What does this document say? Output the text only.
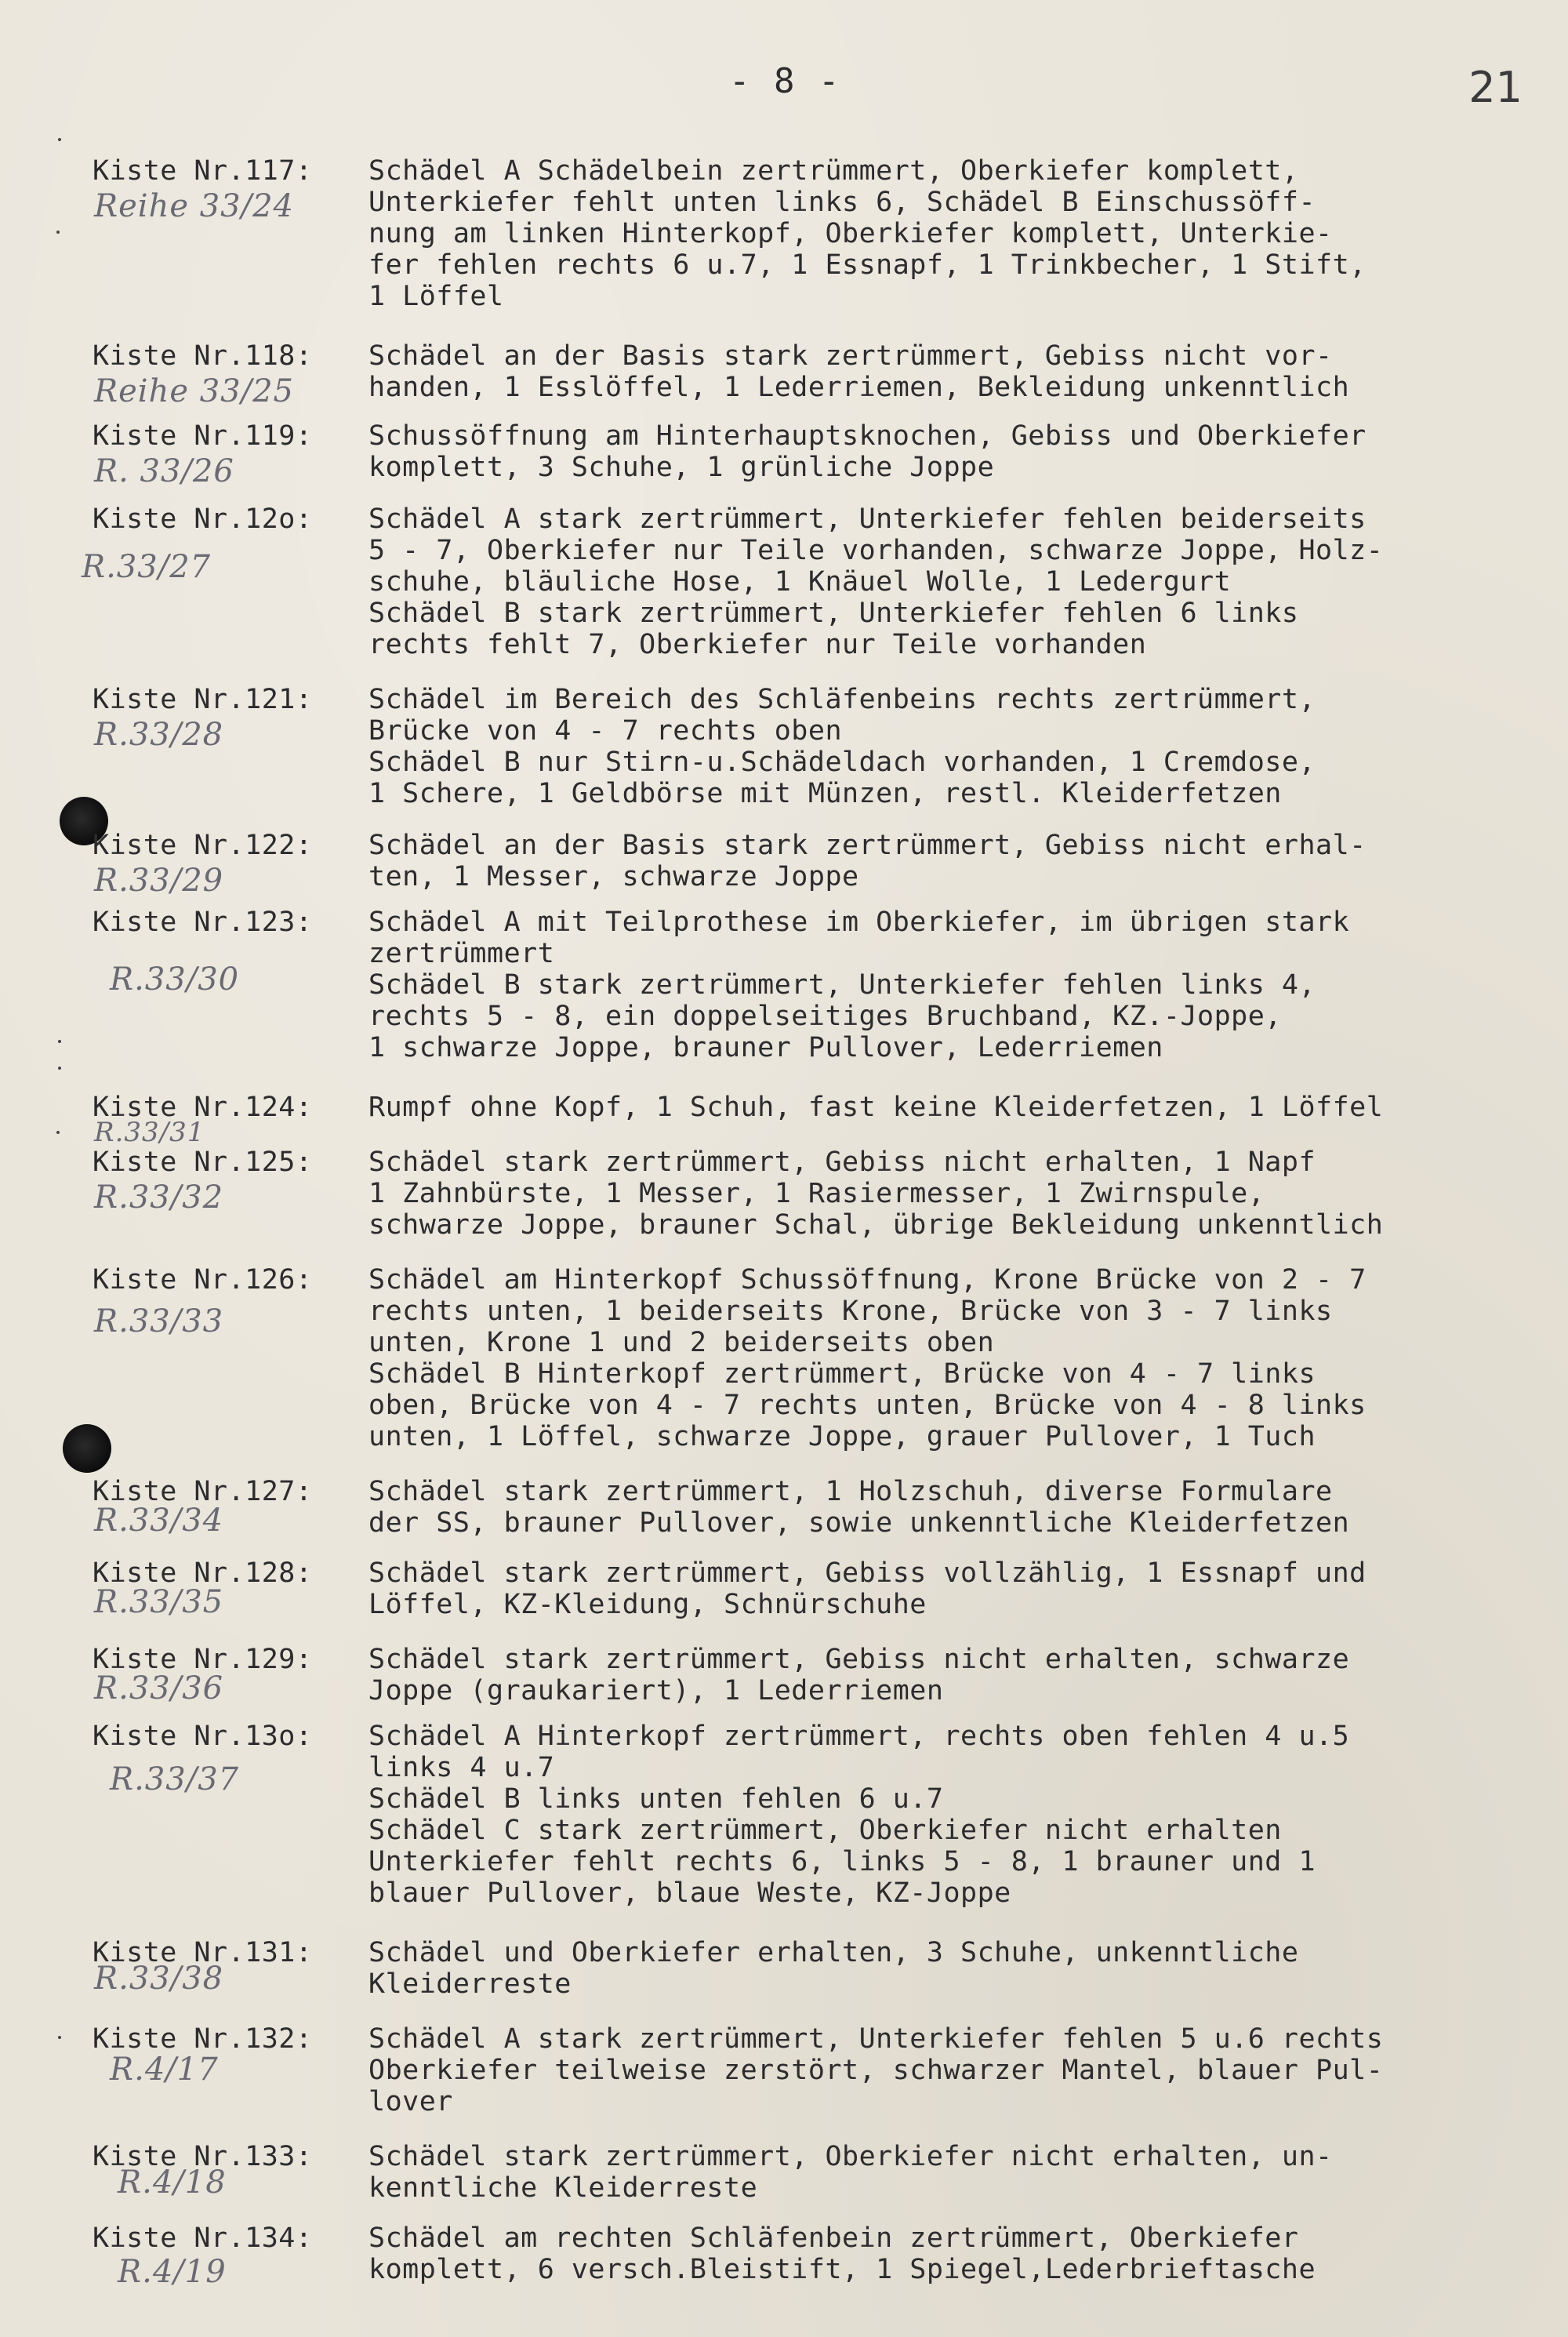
- 8 -	21
Kiste Nr.117:
Reihe 33/24
Schädel A Schädelbein zertrümmert, Oberkiefer komplett,
Unterkiefer fehlt unten links 6, Schädel B Einschussöff-
nung am linken Hinterkopf, Oberkiefer komplett, Unterkie-
fer fehlen rechts 6 u.7, 1 Essnapf, 1 Trinkbecher, 1 Stift,
1 Löffel
Kiste Nr.118:
Reihe 33/25
Schädel an der Basis stark zertrümmert, Gebiss nicht vor-
handen, 1 Esslöffel, 1 Lederriemen, Bekleidung unkenntlich
Kiste Nr.119:
R. 33/26
Schussöffnung am Hinterhauptsknochen, Gebiss und Oberkiefer
komplett, 3 Schuhe, 1 grünliche Joppe
Kiste Nr.12o:
R.33/27
Schädel A stark zertrümmert, Unterkiefer fehlen beiderseits
5 - 7, Oberkiefer nur Teile vorhanden, schwarze Joppe, Holz-
schuhe, bläuliche Hose, 1 Knäuel Wolle, 1 Ledergurt
Schädel B stark zertrümmert, Unterkiefer fehlen 6 links
rechts fehlt 7, Oberkiefer nur Teile vorhanden
Kiste Nr.121:
R.33/28
Schädel im Bereich des Schläfenbeins rechts zertrümmert,
Brücke von 4 - 7 rechts oben
Schädel B nur Stirn-u.Schädeldach vorhanden, 1 Cremdose,
1 Schere, 1 Geldbörse mit Münzen, restl. Kleiderfetzen
Kiste Nr.122:
R.33/29
Schädel an der Basis stark zertrümmert, Gebiss nicht erhal-
ten, 1 Messer, schwarze Joppe
Kiste Nr.123:
R.33/30
Schädel A mit Teilprothese im Oberkiefer, im übrigen stark
zertrümmert
Schädel B stark zertrümmert, Unterkiefer fehlen links 4,
rechts 5 - 8, ein doppelseitiges Bruchband, KZ.-Joppe,
1 schwarze Joppe, brauner Pullover, Lederriemen
Kiste Nr.124:
R.33/31
Rumpf ohne Kopf, 1 Schuh, fast keine Kleiderfetzen, 1 Löffel
Kiste Nr.125:
R.33/32
Schädel stark zertrümmert, Gebiss nicht erhalten, 1 Napf
1 Zahnbürste, 1 Messer, 1 Rasiermesser, 1 Zwirnspule,
schwarze Joppe, brauner Schal, übrige Bekleidung unkenntlich
Kiste Nr.126:
R.33/33
Schädel am Hinterkopf Schussöffnung, Krone Brücke von 2 - 7
rechts unten, 1 beiderseits Krone, Brücke von 3 - 7 links
unten, Krone 1 und 2 beiderseits oben
Schädel B Hinterkopf zertrümmert, Brücke von 4 - 7 links
oben, Brücke von 4 - 7 rechts unten, Brücke von 4 - 8 links
unten, 1 Löffel, schwarze Joppe, grauer Pullover, 1 Tuch
Kiste Nr.127:
R.33/34
Schädel stark zertrümmert, 1 Holzschuh, diverse Formulare
der SS, brauner Pullover, sowie unkenntliche Kleiderfetzen
Kiste Nr.128:
R.33/35
Schädel stark zertrümmert, Gebiss vollzählig, 1 Essnapf und
Löffel, KZ-Kleidung, Schnürschuhe
Kiste Nr.129:
R.33/36
Schädel stark zertrümmert, Gebiss nicht erhalten, schwarze
Joppe (graukariert), 1 Lederriemen
Kiste Nr.13o:
R.33/37
Schädel A Hinterkopf zertrümmert, rechts oben fehlen 4 u.5
links 4 u.7
Schädel B links unten fehlen 6 u.7
Schädel C stark zertrümmert, Oberkiefer nicht erhalten
Unterkiefer fehlt rechts 6, links 5 - 8, 1 brauner und 1
blauer Pullover, blaue Weste, KZ-Joppe
Kiste Nr.131:
R.33/38
Schädel und Oberkiefer erhalten, 3 Schuhe, unkenntliche
Kleiderreste
Kiste Nr.132:
R.4/17
Schädel A stark zertrümmert, Unterkiefer fehlen 5 u.6 rechts
Oberkiefer teilweise zerstört, schwarzer Mantel, blauer Pul-
lover
Kiste Nr.133:
R.4/18
Schädel stark zertrümmert, Oberkiefer nicht erhalten, un-
kenntliche Kleiderreste
Kiste Nr.134:
R.4/19
Schädel am rechten Schläfenbein zertrümmert, Oberkiefer
komplett, 6 versch.Bleistift, 1 Spiegel,Lederbrieftasche
